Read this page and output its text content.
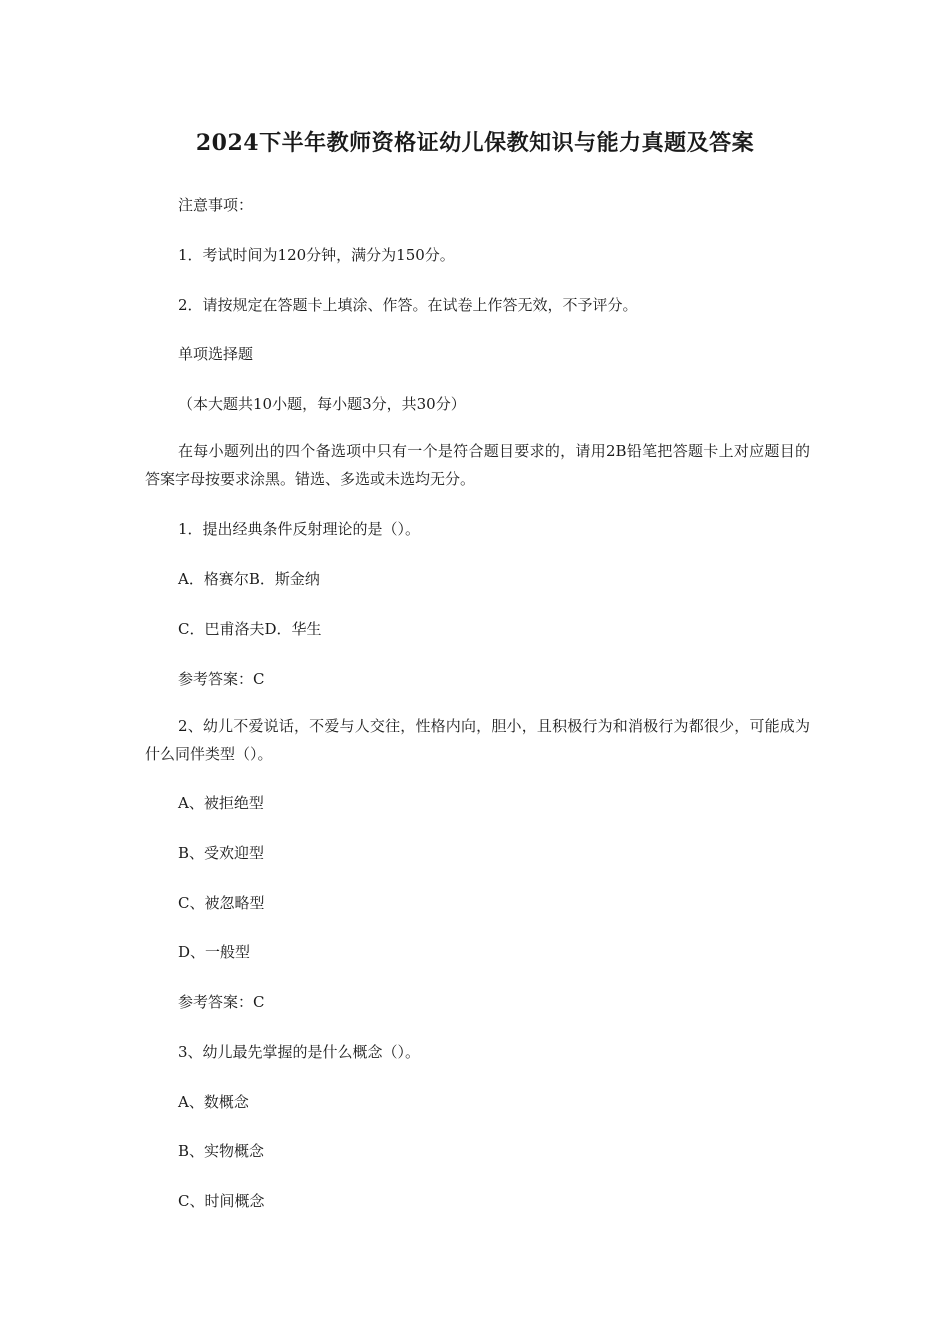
2024下半年教师资格证幼儿保教知识与能力真题及答案
注意事项：
1．考试时间为120分钟，满分为150分。
2．请按规定在答题卡上填涂、作答。在试卷上作答无效，不予评分。
单项选择题
（本大题共10小题，每小题3分，共30分）
在每小题列出的四个备选项中只有一个是符合题目要求的，请用2B铅笔把答题卡上对应题目的答案字母按要求涂黑。错选、多选或未选均无分。
1．提出经典条件反射理论的是（）。
A．格赛尔B．斯金纳
C．巴甫洛夫D．华生
参考答案：C
2、幼儿不爱说话，不爱与人交往，性格内向，胆小，且积极行为和消极行为都很少，可能成为什么同伴类型（）。
A、被拒绝型
B、受欢迎型
C、被忽略型
D、一般型
参考答案：C
3、幼儿最先掌握的是什么概念（）。
A、数概念
B、实物概念
C、时间概念
